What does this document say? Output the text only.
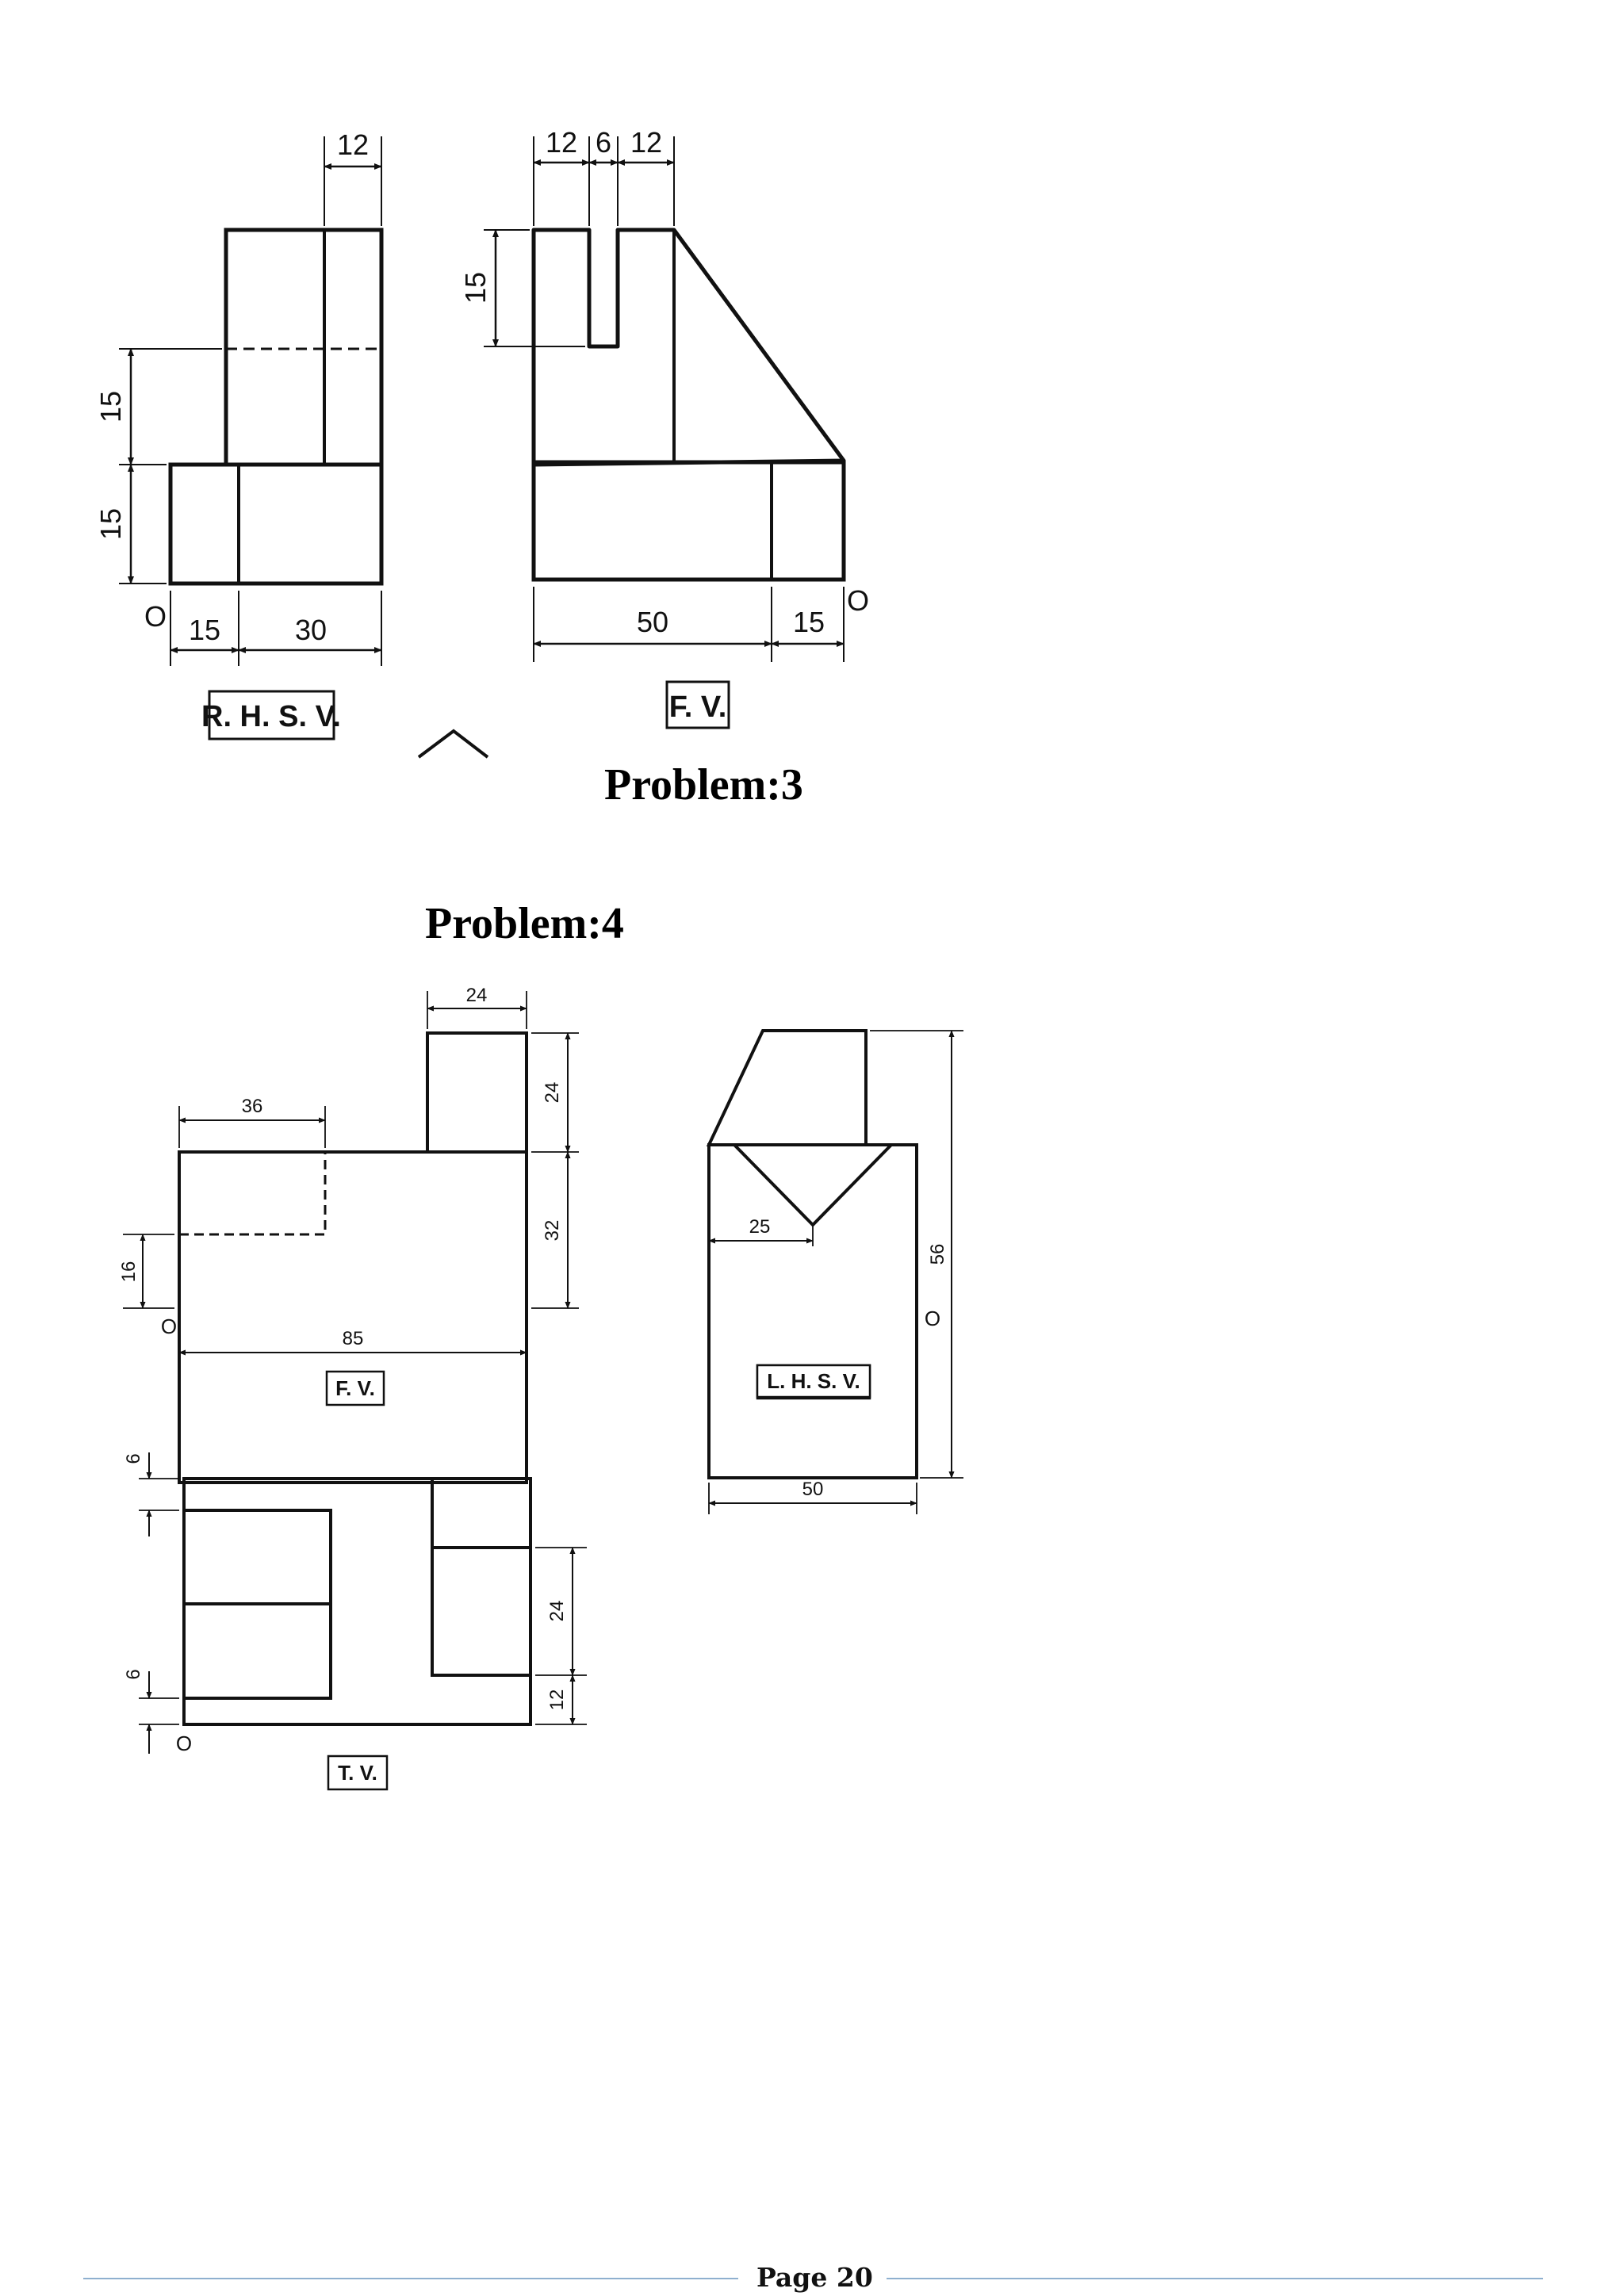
12
15
15
15	30
O
R. H. S. V.
12 6 12
15
50	15
O
F. V.
Problem:3
Problem:4
24
24
36
32
16
85
O
F. V.
25
56
50
L. H. S. V.
O
6
6
24
12
O
T. V.
Page 20
